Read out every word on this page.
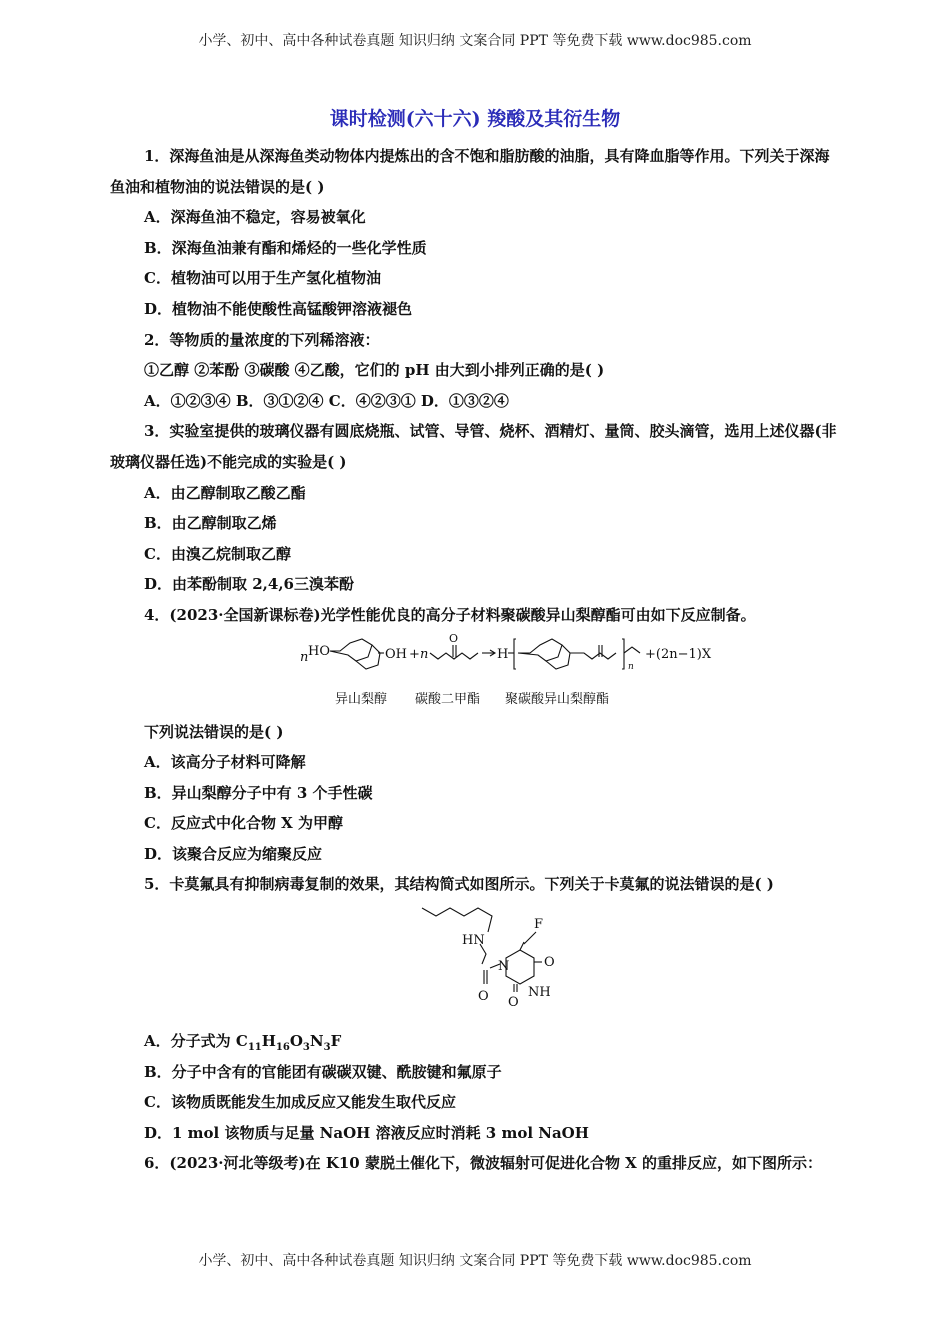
小学、初中、高中各种试卷真题 知识归纳 文案合同 PPT 等免费下载 www.doc985.com
课时检测(六十六) 羧酸及其衍生物

1．深海鱼油是从深海鱼类动物体内提炼出的含不饱和脂肪酸的油脂，具有降血脂等作用。下列关于深海鱼油和植物油的说法错误的是( )

A．深海鱼油不稳定，容易被氧化

B．深海鱼油兼有酯和烯烃的一些化学性质

C．植物油可以用于生产氢化植物油

D．植物油不能使酸性高锰酸钾溶液褪色

2．等物质的量浓度的下列稀溶液：

①乙醇 ②苯酚 ③碳酸 ④乙酸，它们的 pH 由大到小排列正确的是( )

A．①②③④ B．③①②④ C．④②③① D．①③②④

3．实验室提供的玻璃仪器有圆底烧瓶、试管、导管、烧杯、酒精灯、量筒、胶头滴管，选用上述仪器(非玻璃仪器任选)不能完成的实验是( )

A．由乙醇制取乙酸乙酯

B．由乙醇制取乙烯

C．由溴乙烷制取乙醇

D．由苯酚制取 2,4,6三溴苯酚

4．(2023·全国新课标卷)光学性能优良的高分子材料聚碳酸异山梨醇酯可由如下反应制备。

n HO	OH + n
O
H
n
+(2n−1)X
异山梨醇 碳酸二甲酯 聚碳酸异山梨醇酯

下列说法错误的是( )

A．该高分子材料可降解

B．异山梨醇分子中有 3 个手性碳

C．反应式中化合物 X 为甲醇

D．该聚合反应为缩聚反应

5．卡莫氟具有抑制病毒复制的效果，其结构简式如图所示。下列关于卡莫氟的说法错误的是( )

F
HN
N	O
NH
O O

A．分子式为 $C_{11}H_{16}O_3N_3F$

B．分子中含有的官能团有碳碳双键、酰胺键和氟原子

C．该物质既能发生加成反应又能发生取代反应

D．1 mol 该物质与足量 NaOH 溶液反应时消耗 3 mol NaOH

6．(2023·河北等级考)在 K10 蒙脱土催化下，微波辐射可促进化合物 X 的重排反应，如下图所示：

小学、初中、高中各种试卷真题 知识归纳 文案合同 PPT 等免费下载 www.doc985.com
